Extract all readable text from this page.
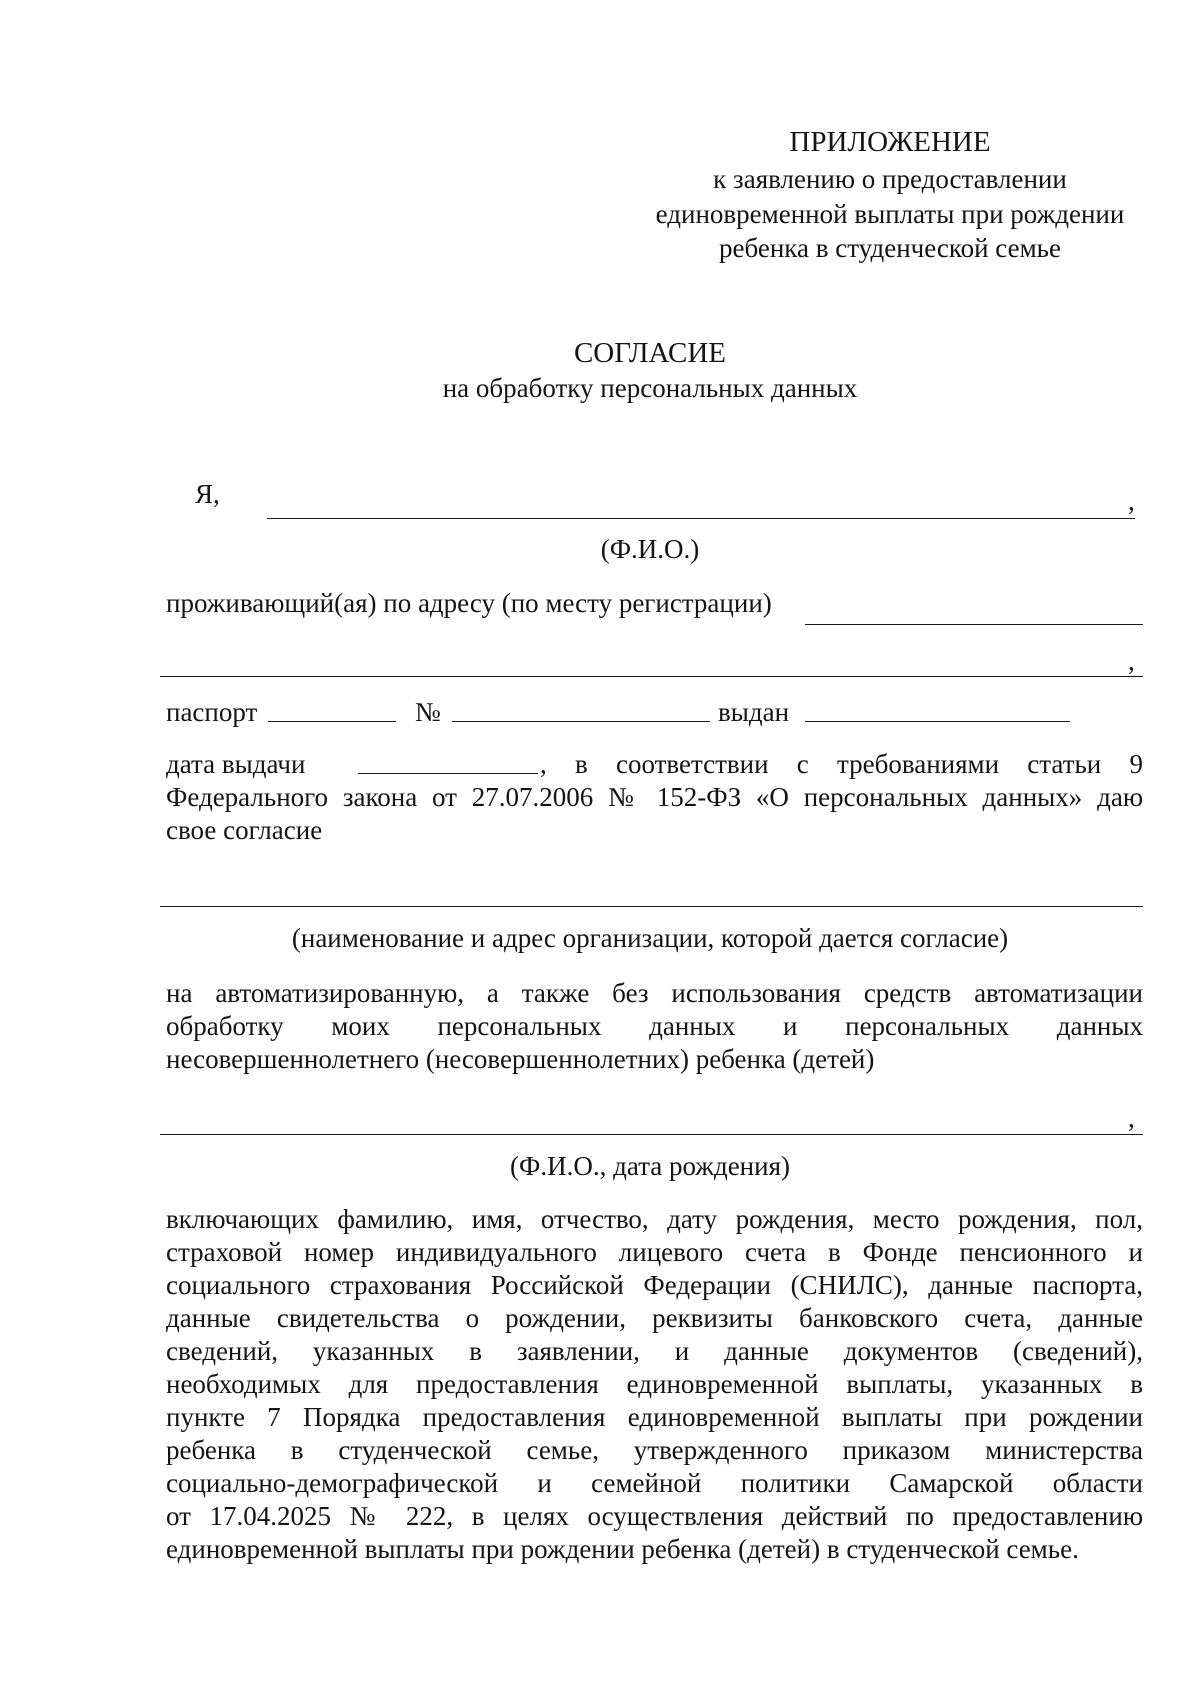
ПРИЛОЖЕНИЕ
к заявлению о предоставлении
единовременной выплаты при рождении
ребенка в студенческой семье
СОГЛАСИЕ
на обработку персональных данных
Я,	,
(Ф.И.О.)
проживающий(ая) по адресу (по месту регистрации)
,
паспорт	№	выдан
дата выдачи	, в соответствии с требованиями статьи 9
Федерального закона от 27.07.2006 № 152-ФЗ «О персональных данных» даю
свое согласие
(наименование и адрес организации, которой дается согласие)
на автоматизированную, а также без использования средств автоматизации
обработку моих персональных данных и персональных данных
несовершеннолетнего (несовершеннолетних) ребенка (детей)
,
(Ф.И.О., дата рождения)
включающих фамилию, имя, отчество, дату рождения, место рождения, пол,
страховой номер индивидуального лицевого счета в Фонде пенсионного и
социального страхования Российской Федерации (СНИЛС), данные паспорта,
данные свидетельства о рождении, реквизиты банковского счета, данные
сведений, указанных в заявлении, и данные документов (сведений),
необходимых для предоставления единовременной выплаты, указанных в
пункте 7 Порядка предоставления единовременной выплаты при рождении
ребенка в студенческой семье, утвержденного приказом министерства
социально-демографической и семейной политики Самарской области
от 17.04.2025 № 222, в целях осуществления действий по предоставлению
единовременной выплаты при рождении ребенка (детей) в студенческой семье.
